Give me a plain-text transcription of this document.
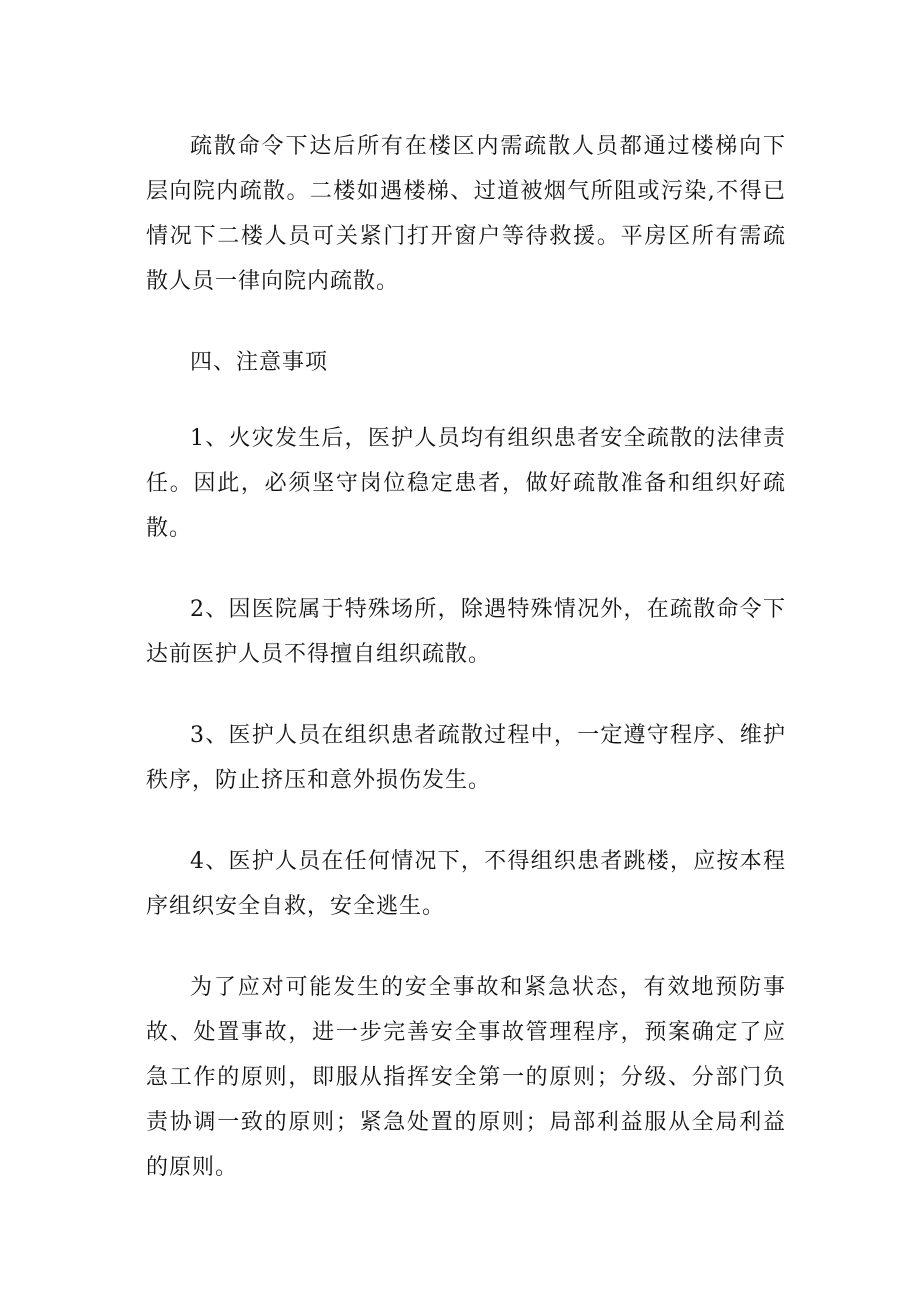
疏散命令下达后所有在楼区内需疏散人员都通过楼梯向下层向院内疏散。二楼如遇楼梯、过道被烟气所阻或污染,不得已情况下二楼人员可关紧门打开窗户等待救援。平房区所有需疏散人员一律向院内疏散。

四、注意事项

1、火灾发生后，医护人员均有组织患者安全疏散的法律责任。因此，必须坚守岗位稳定患者，做好疏散准备和组织好疏散。

2、因医院属于特殊场所，除遇特殊情况外，在疏散命令下达前医护人员不得擅自组织疏散。

3、医护人员在组织患者疏散过程中，一定遵守程序、维护秩序，防止挤压和意外损伤发生。

4、医护人员在任何情况下，不得组织患者跳楼，应按本程序组织安全自救，安全逃生。

为了应对可能发生的安全事故和紧急状态，有效地预防事故、处置事故，进一步完善安全事故管理程序，预案确定了应急工作的原则，即服从指挥安全第一的原则；分级、分部门负责协调一致的原则；紧急处置的原则；局部利益服从全局利益的原则。
